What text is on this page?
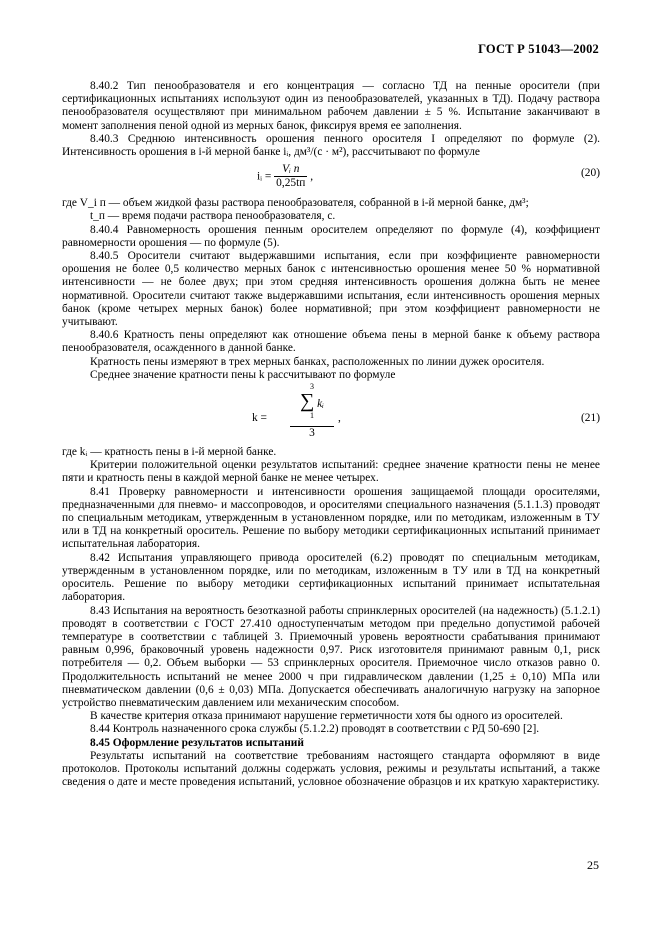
ГОСТ Р 51043—2002

8.40.2 Тип пенообразователя и его концентрация — согласно ТД на пенные оросители (при сертификационных испытаниях используют один из пенообразователей, указанных в ТД). Подачу раствора пенообразователя осуществляют при минимальном рабочем давлении ± 5 %. Испытание заканчивают в момент заполнения пеной одной из мерных банок, фиксируя время ее заполнения.

8.40.3 Среднюю интенсивность орошения пенного оросителя I определяют по формуле (2). Интенсивность орошения в i-й мерной банке iᵢ, дм³/(с · м²), рассчитывают по формуле

iᵢ = $\frac{\text{Vᵢ п}}{0,25tп}$ ,	(20)

где V_i п — объем жидкой фазы раствора пенообразователя, собранной в i-й мерной банке, дм³;

t_п — время подачи раствора пенообразователя, с.

8.40.4 Равномерность орошения пенным оросителем определяют по формуле (4), коэффициент равномерности орошения — по формуле (5).

8.40.5 Оросители считают выдержавшими испытания, если при коэффициенте равномерности орошения не более 0,5 количество мерных банок с интенсивностью орошения менее 50 % нормативной интенсивности — не более двух; при этом средняя интенсивность орошения должна быть не менее нормативной. Оросители считают также выдержавшими испытания, если интенсивность орошения мерных банок (кроме четырех мерных банок) более нормативной; при этом коэффициент равномерности не учитывают.

8.40.6 Кратность пены определяют как отношение объема пены в мерной банке к объему раствора пенообразователя, осажденного в данной банке.

Кратность пены измеряют в трех мерных банках, расположенных по линии дужек оросителя.

Среднее значение кратности пены k рассчитывают по формуле

3
∑ kᵢ
1
k =
3
,	(21)

где kᵢ — кратность пены в i-й мерной банке.

Критерии положительной оценки результатов испытаний: среднее значение кратности пены не менее пяти и кратность пены в каждой мерной банке не менее четырех.

8.41 Проверку равномерности и интенсивности орошения защищаемой площади оросителями, предназначенными для пневмо- и массопроводов, и оросителями специального назначения (5.1.1.3) проводят по специальным методикам, утвержденным в установленном порядке, или по методикам, изложенным в ТУ или в ТД на конкретный ороситель. Решение по выбору методики сертификационных испытаний принимает испытательная лаборатория.

8.42 Испытания управляющего привода оросителей (6.2) проводят по специальным методикам, утвержденным в установленном порядке, или по методикам, изложенным в ТУ или в ТД на конкретный ороситель. Решение по выбору методики сертификационных испытаний принимает испытательная лаборатория.

8.43 Испытания на вероятность безотказной работы спринклерных оросителей (на надежность) (5.1.2.1) проводят в соответствии с ГОСТ 27.410 одноступенчатым методом при предельно допустимой рабочей температуре в соответствии с таблицей 3. Приемочный уровень вероятности срабатывания принимают равным 0,996, браковочный уровень надежности 0,97. Риск изготовителя принимают равным 0,1, риск потребителя — 0,2. Объем выборки — 53 спринклерных оросителя. Приемочное число отказов равно 0. Продолжительность испытаний не менее 2000 ч при гидравлическом давлении (1,25 ± 0,10) МПа или пневматическом давлении (0,6 ± 0,03) МПа. Допускается обеспечивать аналогичную нагрузку на запорное устройство пневматическим давлением или механическим способом.

В качестве критерия отказа принимают нарушение герметичности хотя бы одного из оросителей.

8.44 Контроль назначенного срока службы (5.1.2.2) проводят в соответствии с РД 50-690 [2].

8.45 Оформление результатов испытаний

Результаты испытаний на соответствие требованиям настоящего стандарта оформляют в виде протоколов. Протоколы испытаний должны содержать условия, режимы и результаты испытаний, а также сведения о дате и месте проведения испытаний, условное обозначение образцов и их краткую характеристику.

25
